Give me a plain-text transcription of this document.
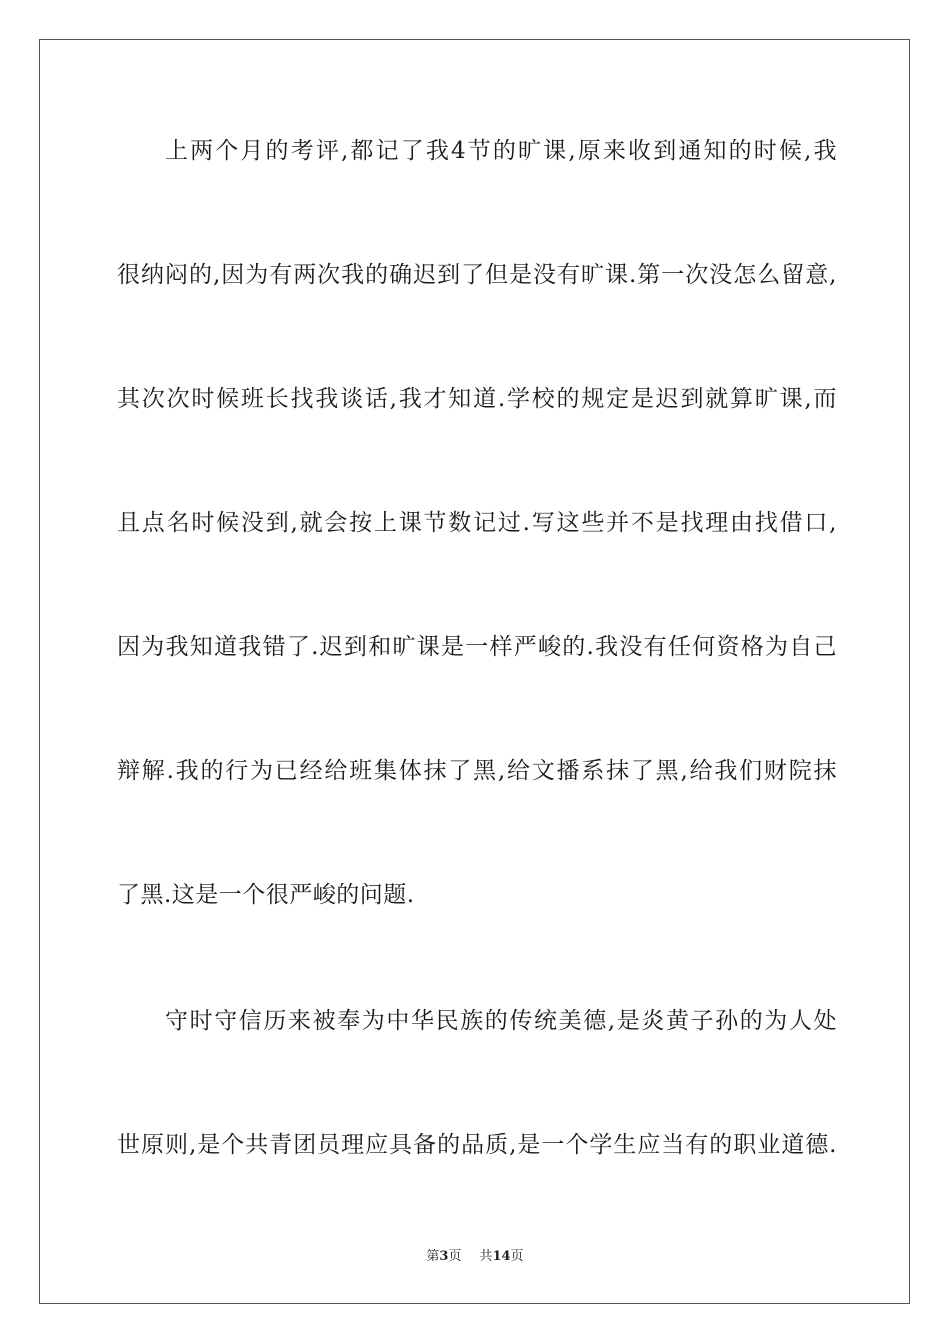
上两个月的考评,都记了我4节的旷课,原来收到通知的时候,我
很纳闷的,因为有两次我的确迟到了但是没有旷课.第一次没怎么留意,
其次次时候班长找我谈话,我才知道.学校的规定是迟到就算旷课,而
且点名时候没到,就会按上课节数记过.写这些并不是找理由找借口,
因为我知道我错了.迟到和旷课是一样严峻的.我没有任何资格为自己
辩解.我的行为已经给班集体抹了黑,给文播系抹了黑,给我们财院抹
了黑.这是一个很严峻的问题.
守时守信历来被奉为中华民族的传统美德,是炎黄子孙的为人处
世原则,是个共青团员理应具备的品质,是一个学生应当有的职业道德.
第3页 共14页
